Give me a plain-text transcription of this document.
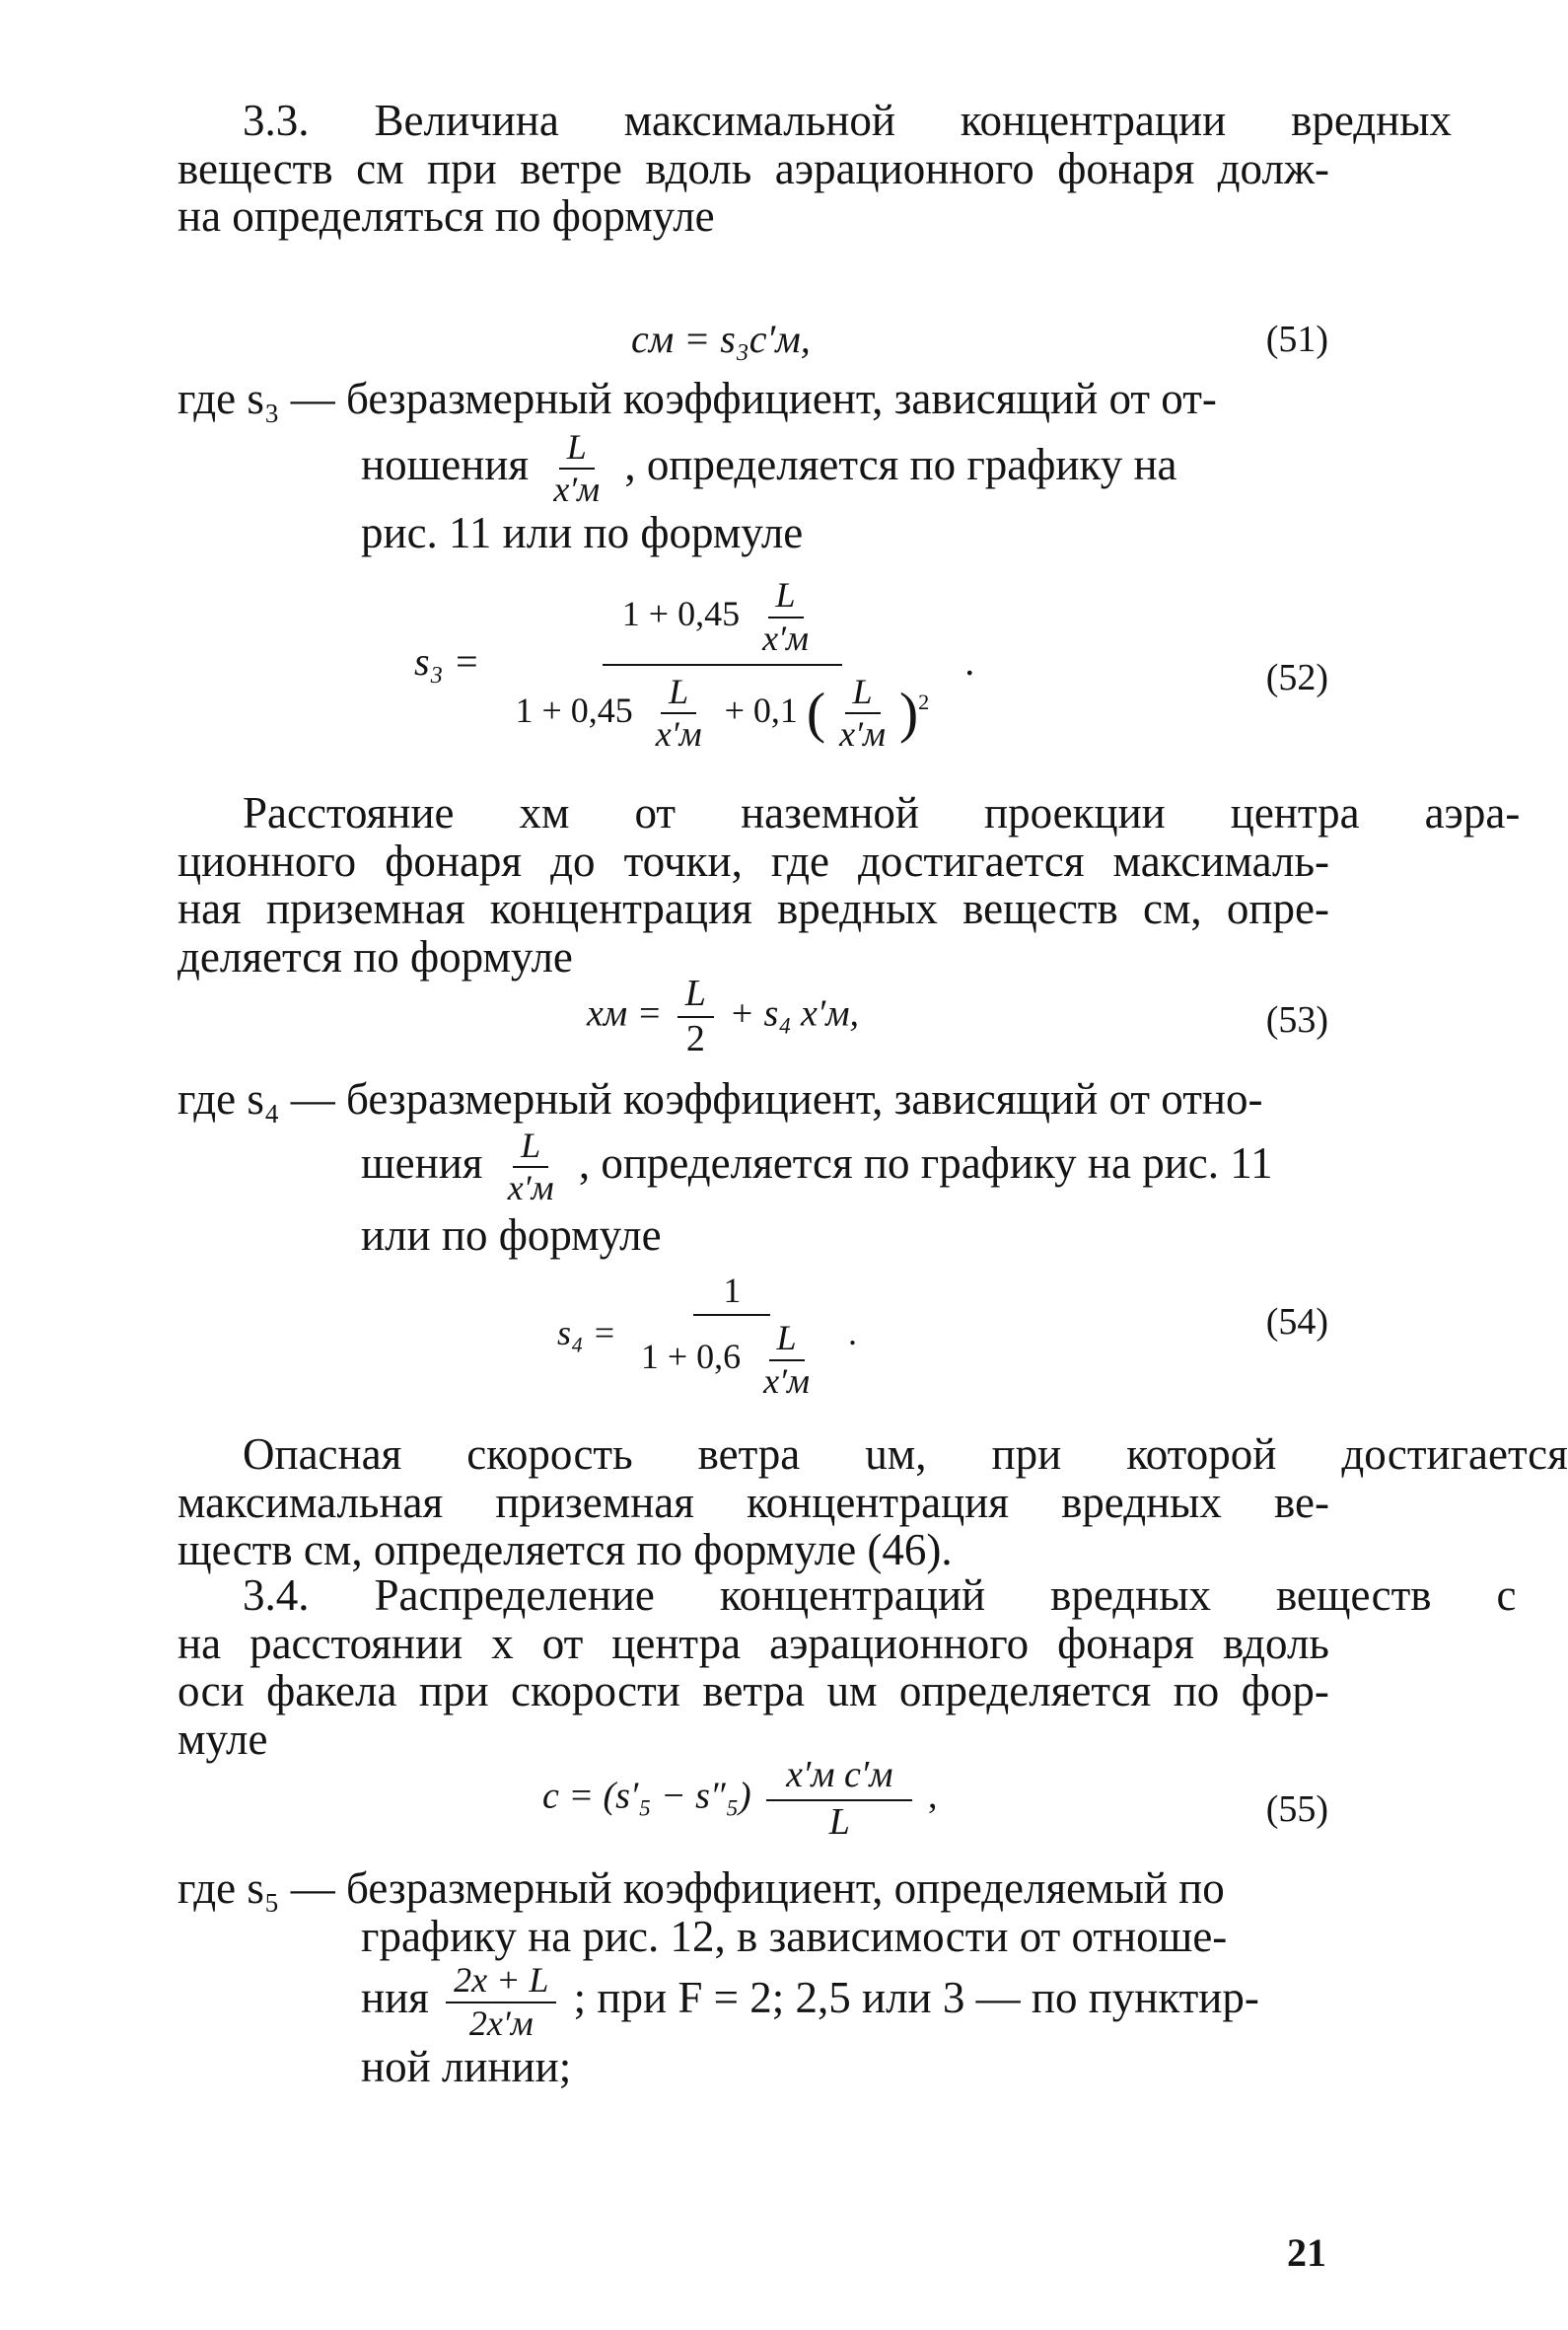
3.3.	Величина	максимальной	концентрации	вредных
веществ cм при ветре вдоль аэрационного фонаря долж-
на определяться по формуле
cм = s₃c′м,	(51)
где s₃ — безразмерный коэффициент, зависящий от от-
ношения $\frac{L}{x'м}$ , определяется по графику на
рис. 11 или по формуле
s₃ =
$1 + 0,45 \frac{L}{x'м}$
$1 + 0,45 \frac{L}{x'м} + 0,1$ ( $\frac{L}{x'м} )^2$
.	(52)
Расстояние	xм	от	наземной	проекции	центра	аэра-
ционного фонаря до точки, где достигается максималь-
ная приземная концентрация вредных веществ cм, опре-
деляется по формуле
xм = $\frac{L}{2} + s_4$ x′м,	(53)
где s₄ — безразмерный коэффициент, зависящий от отно-
шения $\frac{L}{x'м}$ , определяется по графику на рис. 11
или по формуле
$s_4 = \frac{1}{1 + 0,6 \frac{L}{x'м}}$ .	(54)
Опасная	скорость	ветра	uм,	при	которой	достигается
максимальная приземная концентрация вредных ве-
ществ cм, определяется по формуле (46).
3.4.	Распределение	концентраций	вредных	веществ	c
на расстоянии x от центра аэрационного фонаря вдоль
оси факела при скорости ветра uм определяется по фор-
муле
$c = (s'_5 - s''_5) \frac{\text{x′м c′м}}{L}$ ,	(55)
где s₅ — безразмерный коэффициент, определяемый по
графику на рис. 12, в зависимости от отноше-
ния $\frac{2x + L}{2x'м}$ ; при F = 2; 2,5 или 3 — по пунктир-
ной линии;
21
